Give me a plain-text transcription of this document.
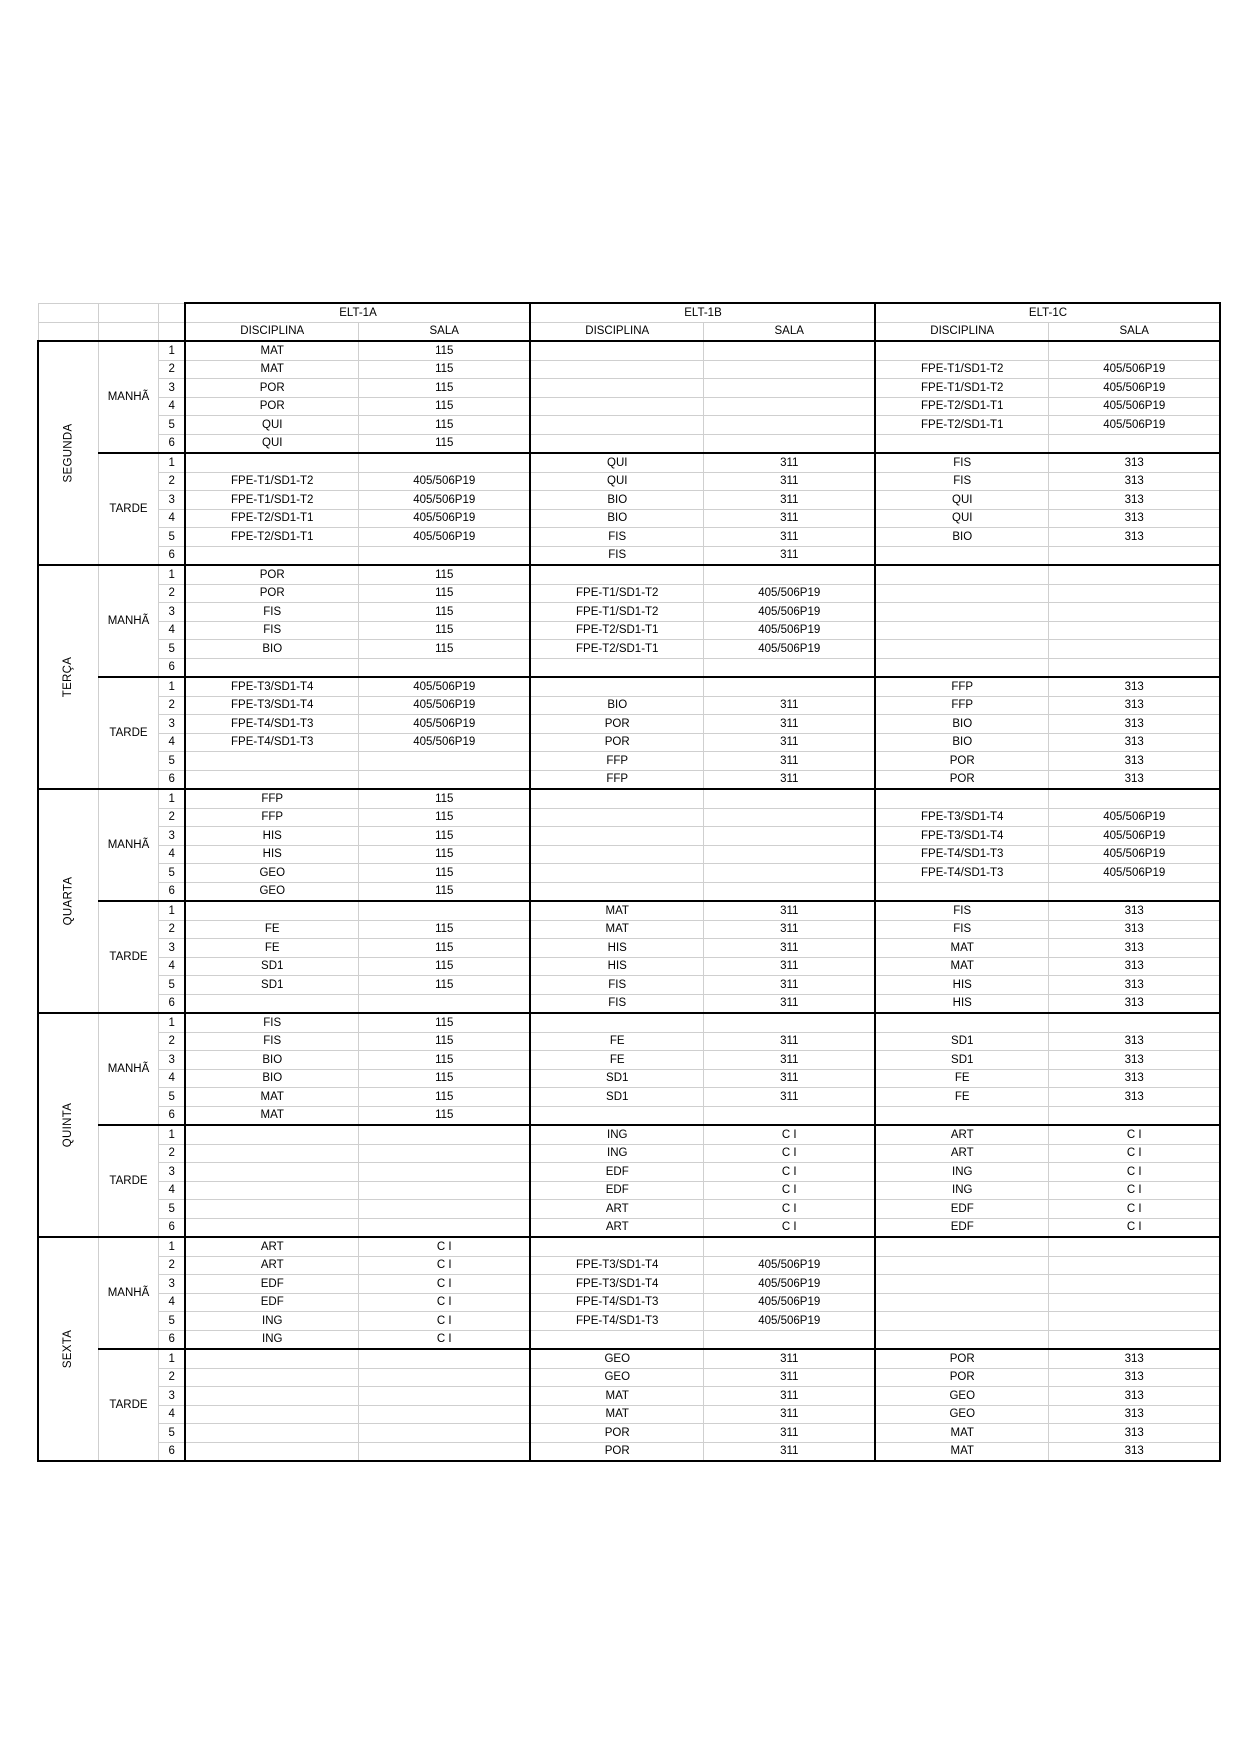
			ELT-1A		ELT-1B		ELT-1C	
			DISCIPLINA	SALA	DISCIPLINA	SALA	DISCIPLINA	SALA
SEGUNDA	MANHÃ	1	MAT	115				
		2	MAT	115			FPE-T1/SD1-T2	405/506P19
		3	POR	115			FPE-T1/SD1-T2	405/506P19
		4	POR	115			FPE-T2/SD1-T1	405/506P19
		5	QUI	115			FPE-T2/SD1-T1	405/506P19
		6	QUI	115				
	TARDE	1			QUI	311	FIS	313
		2	FPE-T1/SD1-T2	405/506P19	QUI	311	FIS	313
		3	FPE-T1/SD1-T2	405/506P19	BIO	311	QUI	313
		4	FPE-T2/SD1-T1	405/506P19	BIO	311	QUI	313
		5	FPE-T2/SD1-T1	405/506P19	FIS	311	BIO	313
		6			FIS	311		
TERÇA	MANHÃ	1	POR	115				
		2	POR	115	FPE-T1/SD1-T2	405/506P19		
		3	FIS	115	FPE-T1/SD1-T2	405/506P19		
		4	FIS	115	FPE-T2/SD1-T1	405/506P19		
		5	BIO	115	FPE-T2/SD1-T1	405/506P19		
		6						
	TARDE	1	FPE-T3/SD1-T4	405/506P19			FFP	313
		2	FPE-T3/SD1-T4	405/506P19	BIO	311	FFP	313
		3	FPE-T4/SD1-T3	405/506P19	POR	311	BIO	313
		4	FPE-T4/SD1-T3	405/506P19	POR	311	BIO	313
		5			FFP	311	POR	313
		6			FFP	311	POR	313
QUARTA	MANHÃ	1	FFP	115				
		2	FFP	115			FPE-T3/SD1-T4	405/506P19
		3	HIS	115			FPE-T3/SD1-T4	405/506P19
		4	HIS	115			FPE-T4/SD1-T3	405/506P19
		5	GEO	115			FPE-T4/SD1-T3	405/506P19
		6	GEO	115				
	TARDE	1			MAT	311	FIS	313
		2	FE	115	MAT	311	FIS	313
		3	FE	115	HIS	311	MAT	313
		4	SD1	115	HIS	311	MAT	313
		5	SD1	115	FIS	311	HIS	313
		6			FIS	311	HIS	313
QUINTA	MANHÃ	1	FIS	115				
		2	FIS	115	FE	311	SD1	313
		3	BIO	115	FE	311	SD1	313
		4	BIO	115	SD1	311	FE	313
		5	MAT	115	SD1	311	FE	313
		6	MAT	115				
	TARDE	1			ING	C I	ART	C I
		2			ING	C I	ART	C I
		3			EDF	C I	ING	C I
		4			EDF	C I	ING	C I
		5			ART	C I	EDF	C I
		6			ART	C I	EDF	C I
SEXTA	MANHÃ	1	ART	C I				
		2	ART	C I	FPE-T3/SD1-T4	405/506P19		
		3	EDF	C I	FPE-T3/SD1-T4	405/506P19		
		4	EDF	C I	FPE-T4/SD1-T3	405/506P19		
		5	ING	C I	FPE-T4/SD1-T3	405/506P19		
		6	ING	C I				
	TARDE	1			GEO	311	POR	313
		2			GEO	311	POR	313
		3			MAT	311	GEO	313
		4			MAT	311	GEO	313
		5			POR	311	MAT	313
		6			POR	311	MAT	313
